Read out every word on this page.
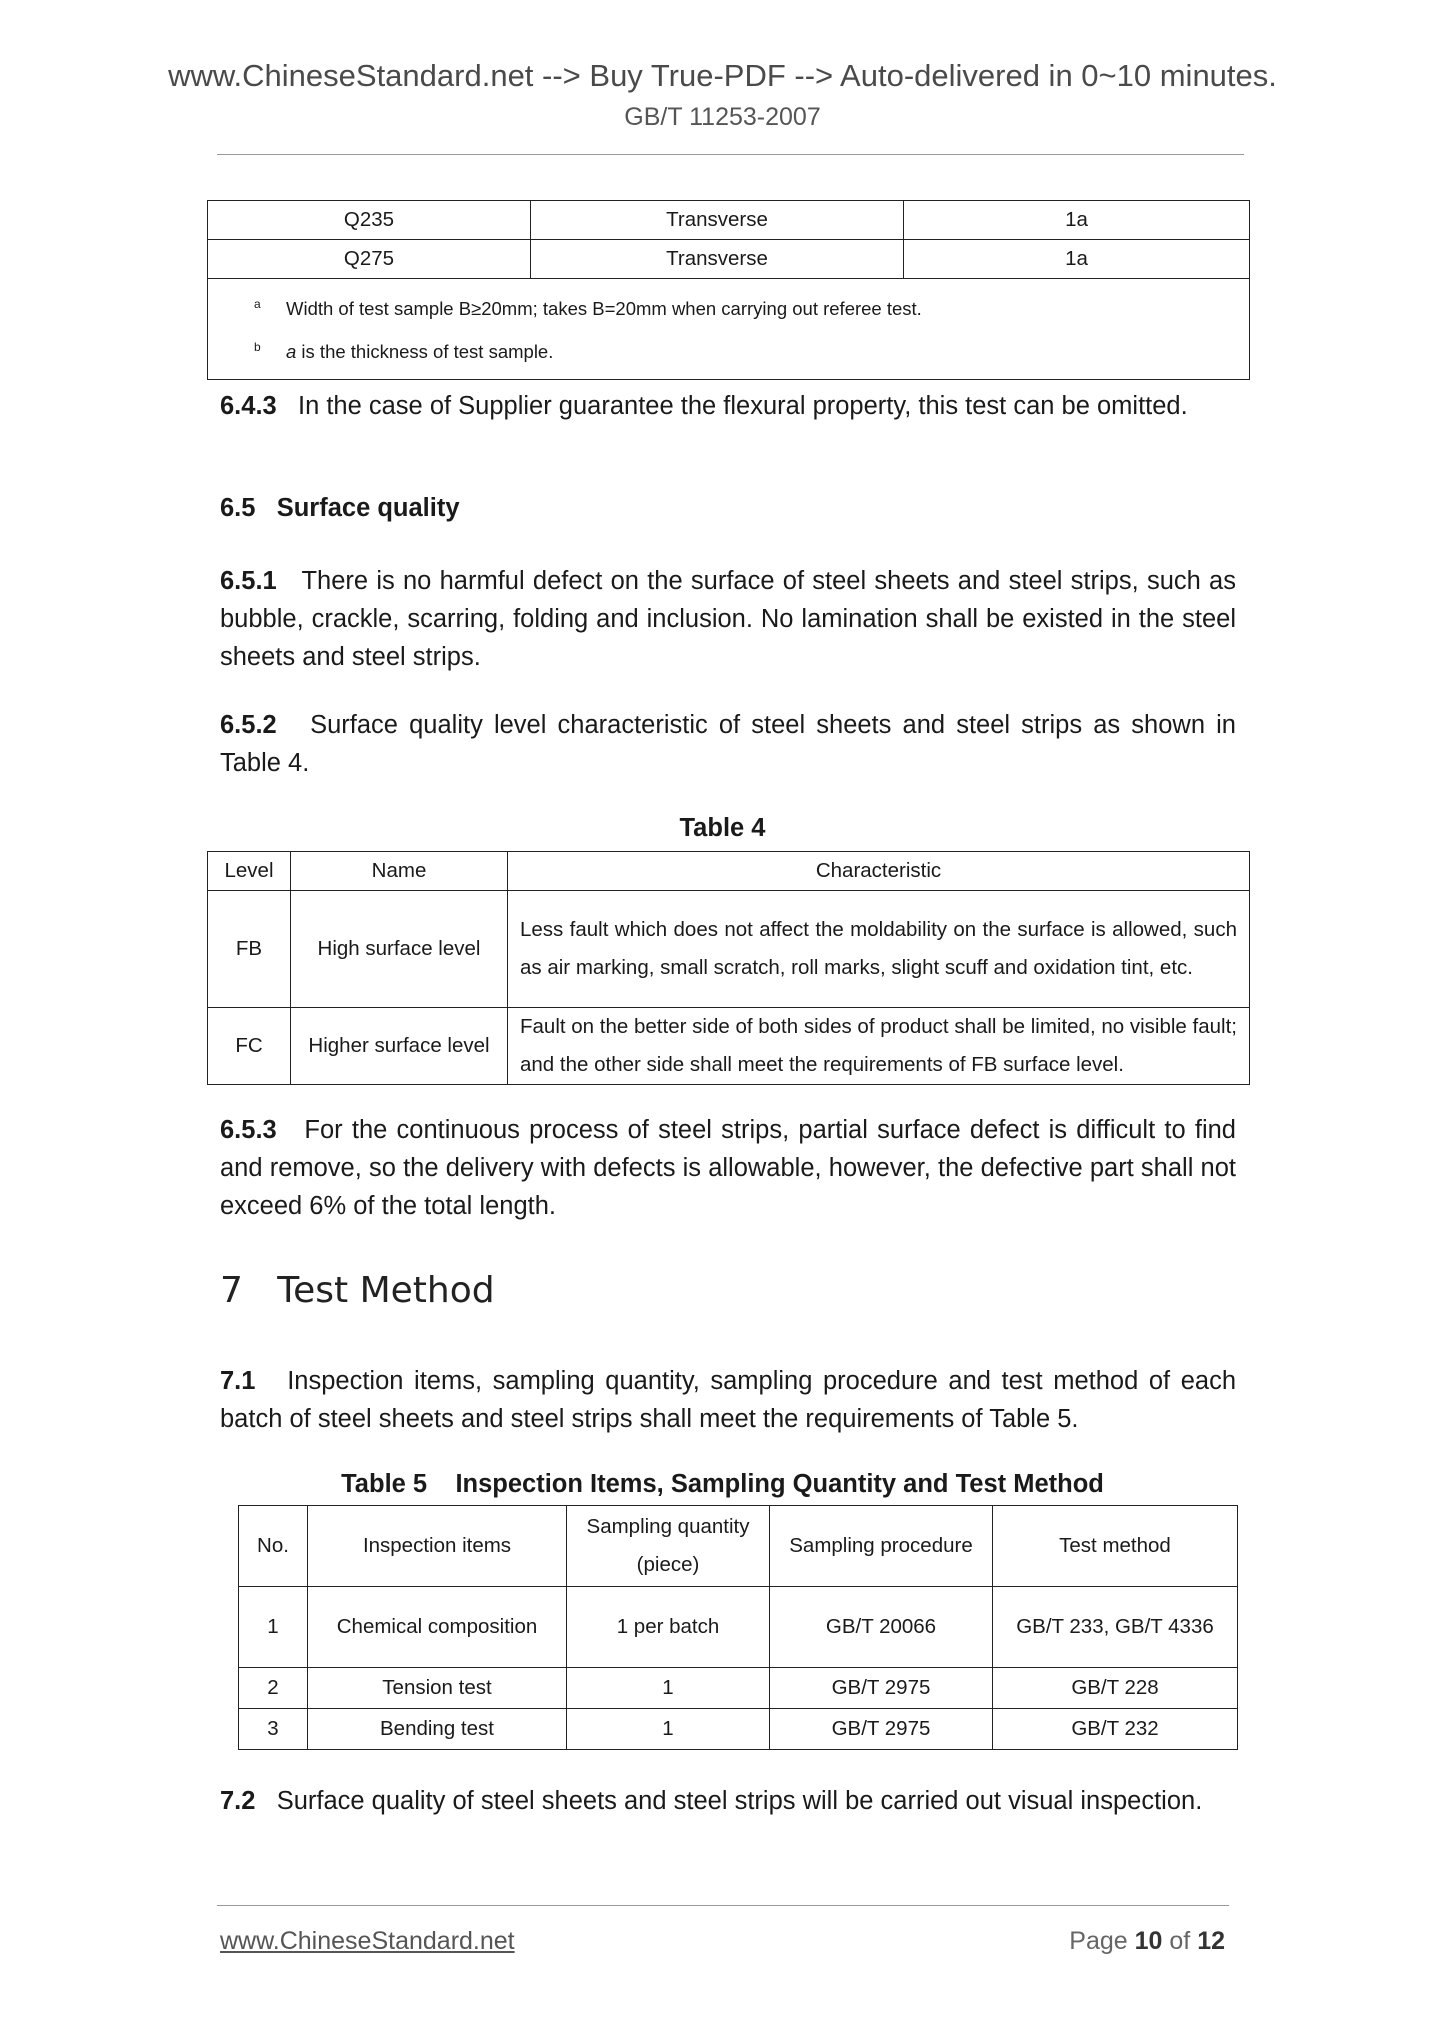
www.ChineseStandard.net --> Buy True-PDF --> Auto-delivered in 0~10 minutes.
GB/T 11253-2007
Q235	Transverse	1a
Q275	Transverse	1a

a Width of test sample B≥20mm; takes B=20mm when carrying out referee test.
b a is the thickness of test sample.		
6.4.3 In the case of Supplier guarantee the flexural property, this test can be omitted.
6.5 Surface quality
6.5.1 There is no harmful defect on the surface of steel sheets and steel strips, such as bubble, crackle, scarring, folding and inclusion. No lamination shall be existed in the steel sheets and steel strips.
6.5.2 Surface quality level characteristic of steel sheets and steel strips as shown in Table 4.
Table 4
Level	Name	Characteristic
FB	High surface level	Less fault which does not affect the moldability on the surface is allowed, such as air marking, small scratch, roll marks, slight scuff and oxidation tint, etc.
FC	Higher surface level	Fault on the better side of both sides of product shall be limited, no visible fault; and the other side shall meet the requirements of FB surface level.
6.5.3 For the continuous process of steel strips, partial surface defect is difficult to find and remove, so the delivery with defects is allowable, however, the defective part shall not exceed 6% of the total length.
7 Test Method
7.1 Inspection items, sampling quantity, sampling procedure and test method of each batch of steel sheets and steel strips shall meet the requirements of Table 5.
Table 5    Inspection Items, Sampling Quantity and Test Method
No.	Inspection items	Sampling quantity (piece)	Sampling procedure	Test method
1	Chemical composition	1 per batch	GB/T 20066	GB/T 233, GB/T 4336
2	Tension test	1	GB/T 2975	GB/T 228
3	Bending test	1	GB/T 2975	GB/T 232
7.2 Surface quality of steel sheets and steel strips will be carried out visual inspection.
www.ChineseStandard.net	Page 10 of 12
